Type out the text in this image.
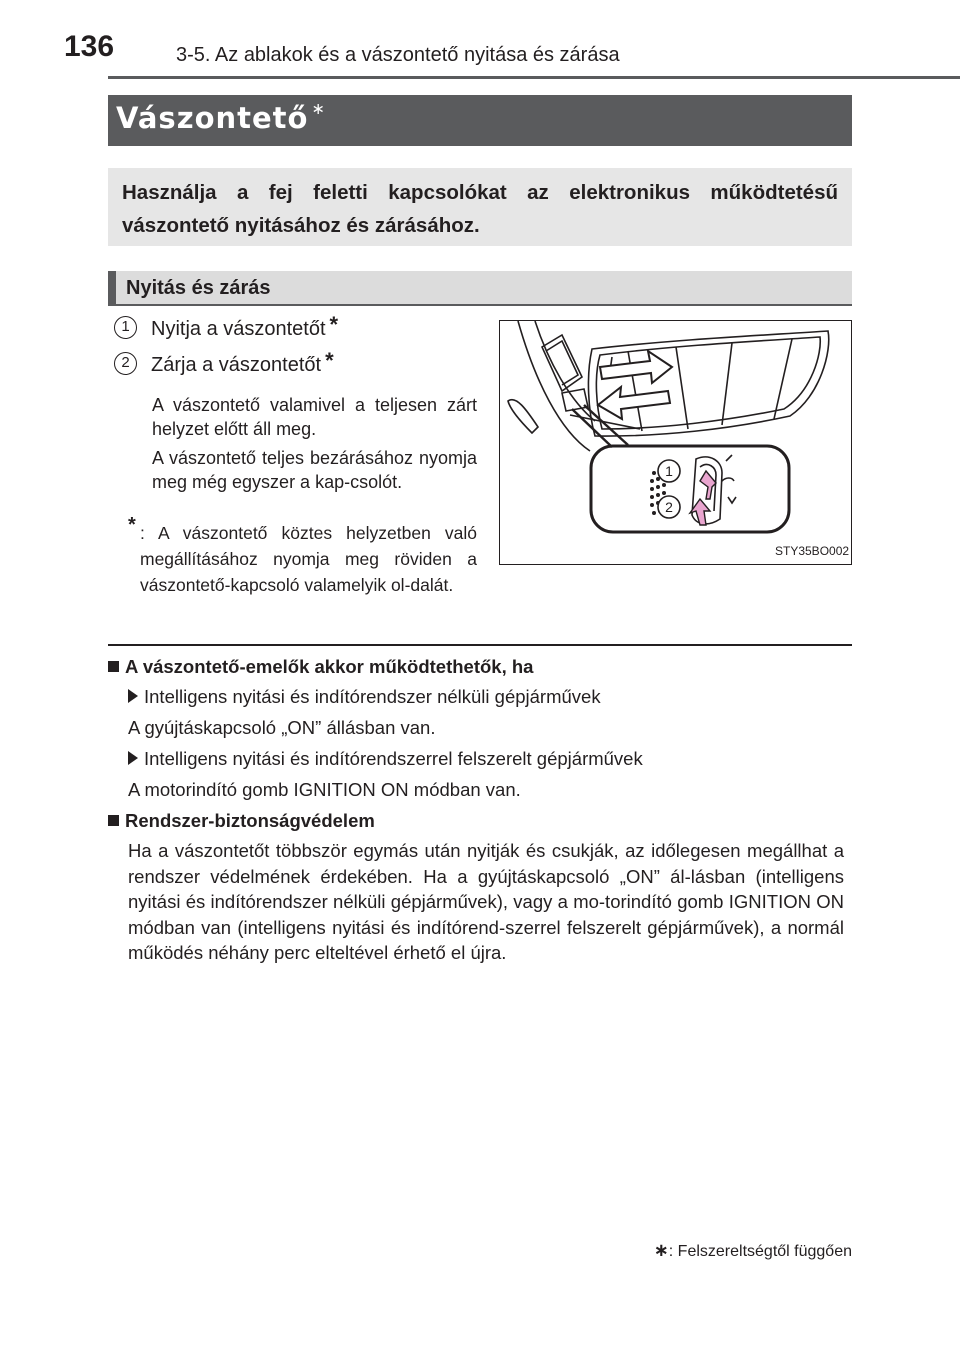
136	3-5. Az ablakok és a vászontető nyitása és zárása
Vászontető ∗
Használja a fej feletti kapcsolókat az elektronikus működtetésű vászontető nyitásához és zárásához.
Nyitás és zárás
1	Nyitja a vászontetőt *
2	Zárja a vászontetőt *
A vászontető valamivel a teljesen zárt helyzet előtt áll meg.
A vászontető teljes bezárásához nyomja meg még egyszer a kap-csolót.
* : A vászontető köztes helyzetben való megállításához nyomja meg röviden a vászontető-kapcsoló valamelyik ol-dalát.
1
2
STY35BO002
A vászontető-emelők akkor működtethetők, ha
Intelligens nyitási és indítórendszer nélküli gépjárművek
A gyújtáskapcsoló „ON” állásban van.
Intelligens nyitási és indítórendszerrel felszerelt gépjárművek
A motorindító gomb IGNITION ON módban van.
Rendszer-biztonságvédelem
Ha a vászontetőt többször egymás után nyitják és csukják, az időlegesen megállhat a rendszer védelmének érdekében. Ha a gyújtáskapcsoló „ON” ál-lásban (intelligens nyitási és indítórendszer nélküli gépjárművek), vagy a mo-torindító gomb IGNITION ON módban van (intelligens nyitási és indítórend-szerrel felszerelt gépjárművek), a normál működés néhány perc elteltével érhető el újra.
∗: Felszereltségtől függően
